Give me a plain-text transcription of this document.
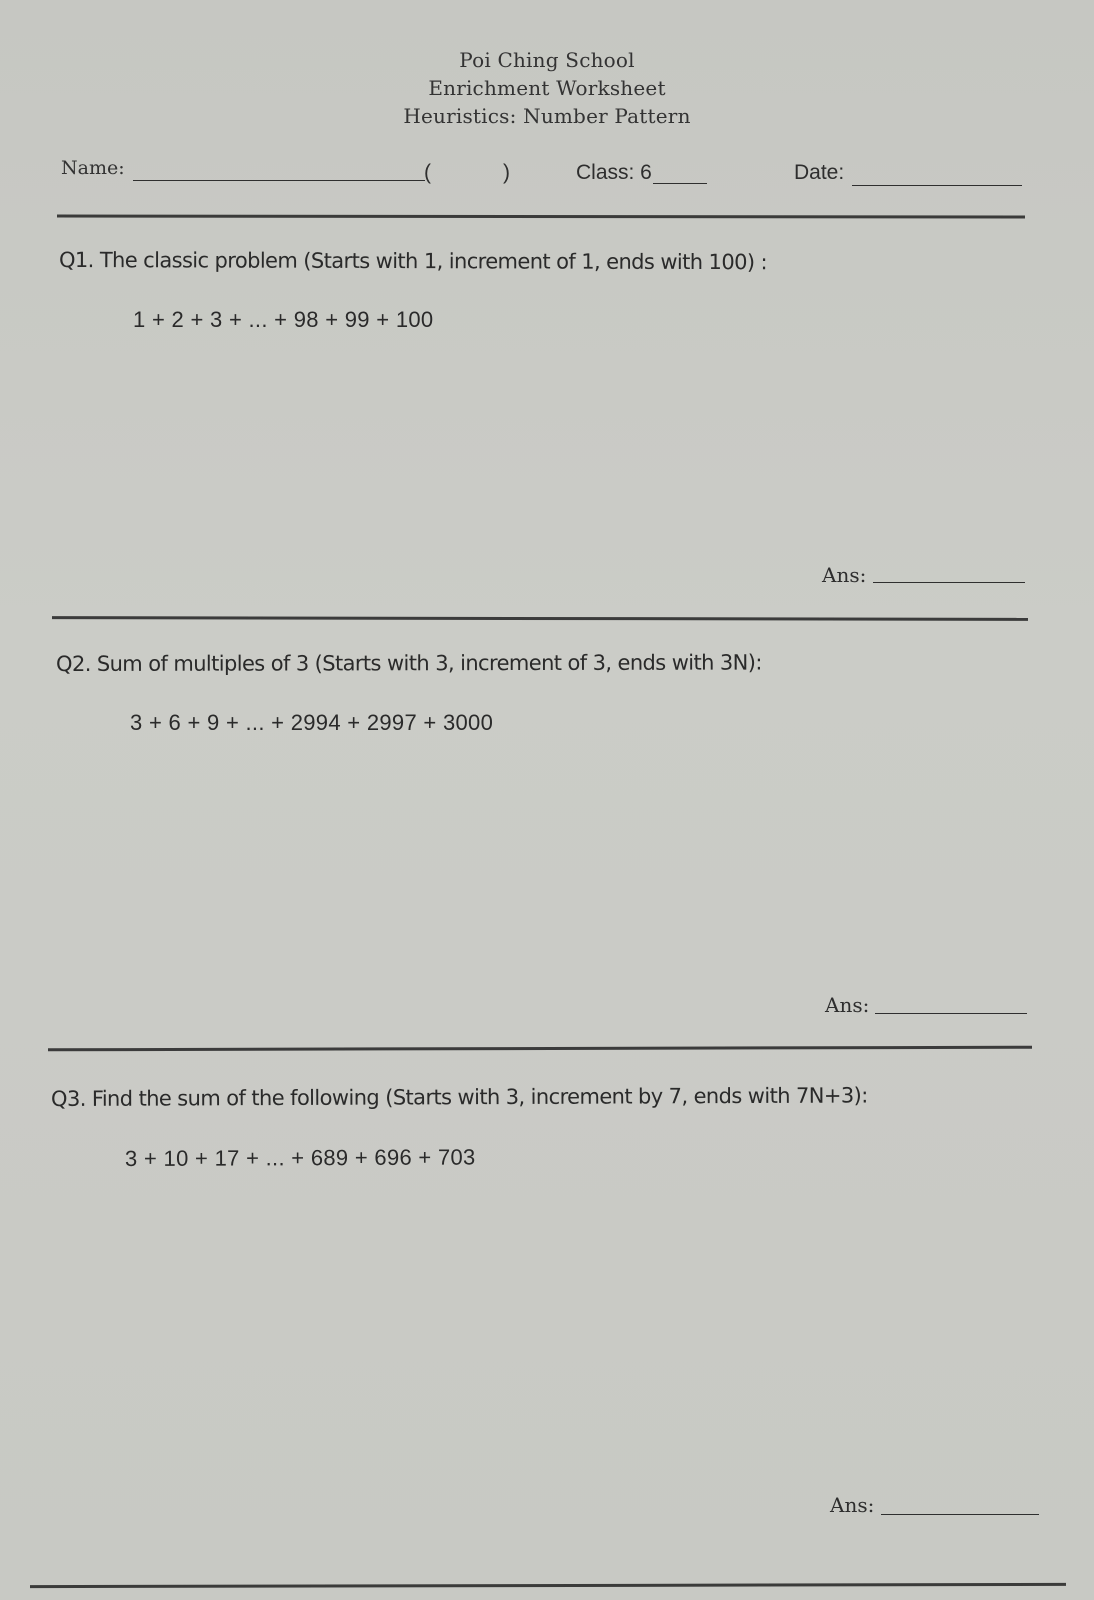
Poi Ching School
Enrichment Worksheet
Heuristics: Number Pattern
Name:	(	)	Class: 6	Date:
Q1. The classic problem (Starts with 1, increment of 1, ends with 100) :
1 + 2 + 3 + ... + 98 + 99 + 100
Ans:
Q2. Sum of multiples of 3 (Starts with 3, increment of 3, ends with 3N):
3 + 6 + 9 + ... + 2994 + 2997 + 3000
Ans:
Q3. Find the sum of the following (Starts with 3, increment by 7, ends with 7N+3):
3 + 10 + 17 + ... + 689 + 696 + 703
Ans:
